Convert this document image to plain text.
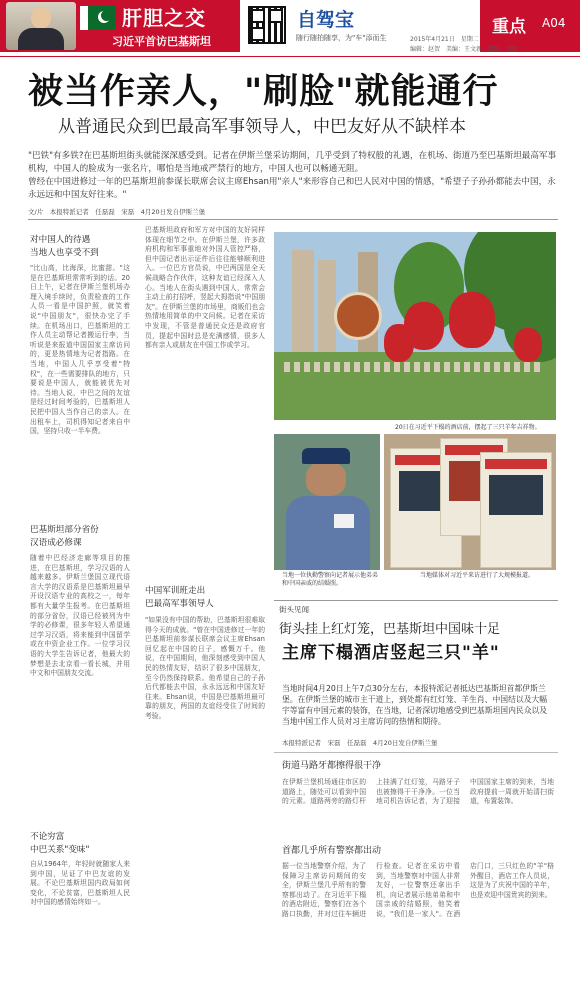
肝胆之交
习近平首访巴基斯坦
自驾宝
随行随拍随享，为"车"添而生
重点 A04
2015年4月21日　星期二	齐鲁晚报
编辑：赵贺　美编：王文新　组版：刘艳
被当作亲人，"刷脸"就能通行
从普通民众到巴最高军事领导人，中巴友好从不缺样本
"巴铁"有多铁?在巴基斯坦街头就能深深感受到。记者在伊斯兰堡采访期间，几乎受到了特权般的礼遇，在机场、街道乃至巴基斯坦最高军事机构，中国人的脸成为一张名片，哪怕是当地戒严禁行的地方，中国人也可以畅通无阻。
曾经在中国进修过一年的巴基斯坦前参谋长联席会议主席Ehsan用"亲人"来形容自己和巴人民对中国的情感，"希望子子孙孙都能去中国，永永远远和中国友好往来。"
文/片　本报特派记者　任磊磊　宋磊　4月20日发自伊斯兰堡
对中国人的待遇
当地人也享受不到
"比山高，比海深，比蜜甜。"这是在巴基斯坦常常听到的话。20日上午，记者在伊斯兰堡机场办理入境手续时，负责检查的工作人员一看是中国护照，就笑着说"中国朋友"，很快办完了手续。在机场出口，巴基斯坦的工作人员主动帮记者搬运行李，当听说是来报道中国国家主席访问的，更是热情地为记者指路。在当地，中国人几乎享受着"特权"，在一些需要排队的地方，只要说是中国人，就能被优先对待。当地人说，中巴之间的友谊是经过时间考验的，巴基斯坦人民把中国人当作自己的亲人。在出租车上，司机得知记者来自中国，坚持只收一半车费。
巴基斯坦部分省份
汉语成必修课
随着中巴经济走廊等项目的推进，在巴基斯坦，学习汉语的人越来越多。伊斯兰堡国立现代语言大学的汉语系是巴基斯坦最早开设汉语专业的高校之一，每年都有大量学生报考。在巴基斯坦的部分省份，汉语已经被列为中学的必修课，很多年轻人希望通过学习汉语，将来能到中国留学或在中资企业工作。一位学习汉语的大学生告诉记者，他最大的梦想是去北京看一看长城，并用中文和中国朋友交流。
不论穷富
中巴关系"变味"
自从1964年，年轻时就随家人来到中国，见证了中巴友谊的发展。不论巴基斯坦国内政局如何变化，不论贫富，巴基斯坦人民对中国的感情始终如一。
巴基斯坦政府和军方对中国的友好同样体现在细节之中。在伊斯兰堡，许多政府机构和军事重地对外国人管控严格，但中国记者出示证件后往往能够顺利进入。一位巴方官员说，中巴两国是全天候战略合作伙伴，这种友谊已经深入人心。当地人在街头遇到中国人，常常会主动上前打招呼，竖起大拇指说"中国朋友"。在伊斯兰堡的市场里，商贩们也会热情地用简单的中文问候。记者在采访中发现，不管是普通民众还是政府官员，提起中国时总是充满感情，很多人都有亲人或朋友在中国工作或学习。
中国军训班走出
巴最高军事领导人
"如果没有中国的帮助，巴基斯坦很难取得今天的成就。"曾在中国进修过一年的巴基斯坦前参谋长联席会议主席Ehsan回忆起在中国的日子，感慨万千。他说，在中国期间，他深刻感受到中国人民的热情友好，结识了很多中国朋友，至今仍然保持联系。他希望自己的子孙后代都能去中国，永永远远和中国友好往来。Ehsan说，中国是巴基斯坦最可靠的朋友，两国的友谊经受住了时间的考验。
20日在习近平下榻的酒店前，摆起了三只羊年吉祥物。
当地一位执勤警察向记者展示他弟弟和中国亲戚的结婚照。
当地媒体对习近平来访进行了大规模报道。
街头见闻
街头挂上红灯笼，巴基斯坦中国味十足
主席下榻酒店竖起三只"羊"
当地时间4月20日上午7点30分左右，本报特派记者抵达巴基斯坦首都伊斯兰堡。在伊斯兰堡的城市主干道上，到处都有红灯笼、羊生肖、中国结以及大幅宇等富有中国元素的装饰，在当地，记者深切地感受到巴基斯坦国内民众以及当地中国工作人员对习主席访问的热情和期待。
本报特派记者　宋磊　任磊磊　4月20日发自伊斯兰堡
街道马路牙都擦得很干净
在伊斯兰堡机场通往市区的道路上，随处可以看到中国的元素。道路两旁的路灯杆上挂满了红灯笼，马路牙子也被擦得干干净净。一位当地司机告诉记者，为了迎接中国国家主席的到来，当地政府提前一周就开始清扫街道，布置装饰。
首都几乎所有警察都出动
据一位当地警察介绍，为了保障习主席访问期间的安全，伊斯兰堡几乎所有的警察都出动了。在习近平下榻的酒店附近，警察们在各个路口执勤，并对过往车辆进行检查。记者在采访中看到，当地警察对中国人非常友好，一位警察还拿出手机，向记者展示他弟弟和中国亲戚的结婚照，他笑着说，"我们是一家人"。在酒店门口，三只红色的"羊"格外醒目，酒店工作人员说，这是为了庆祝中国的羊年，也是欢迎中国贵宾的到来。
